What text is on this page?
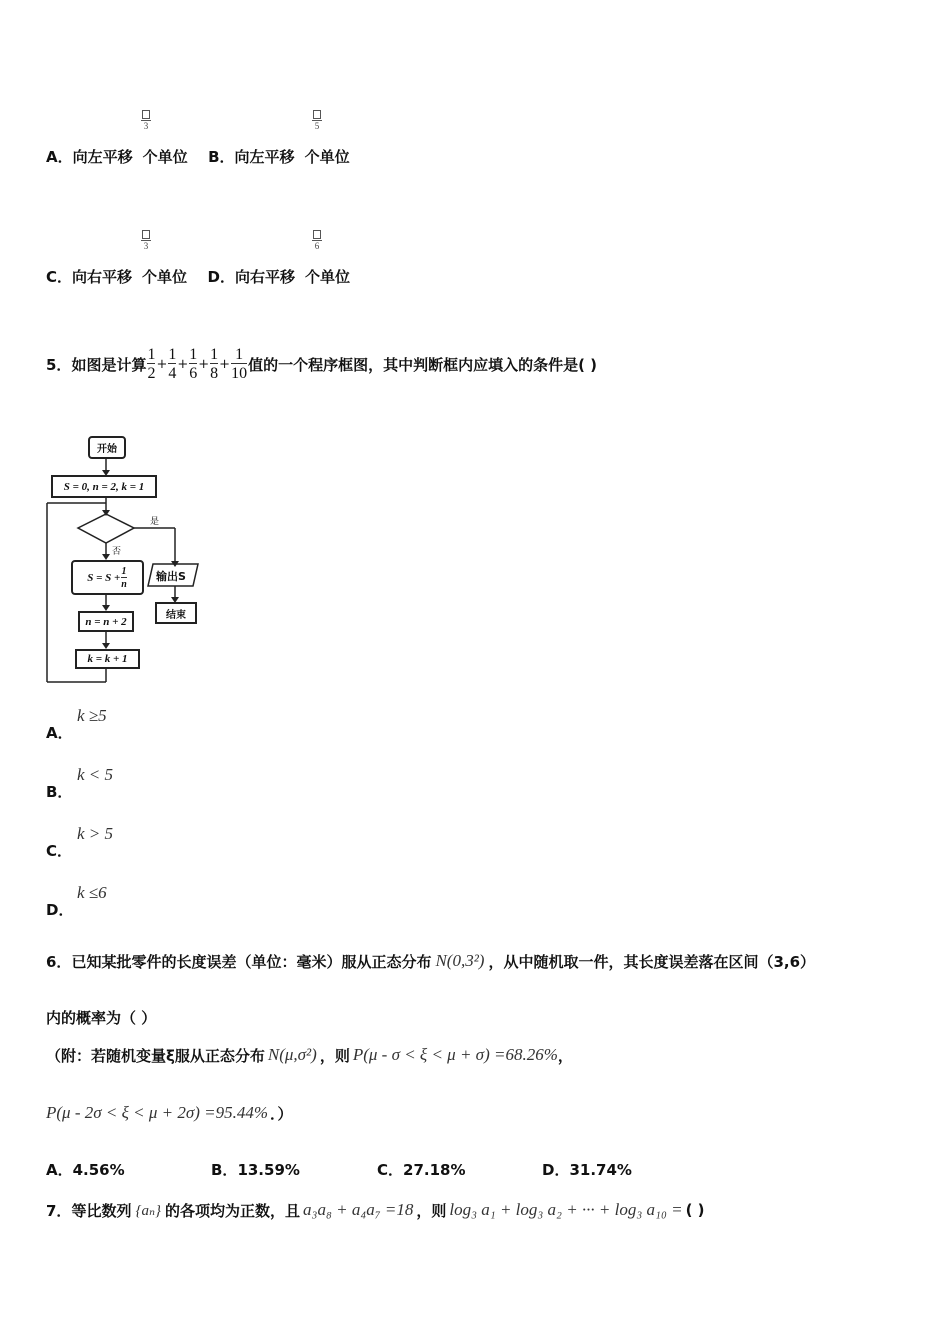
3	5
A．向左平移 个单位 B．向左平移 个单位
3	6
C．向右平移 个单位 D．向右平移 个单位
5． 如图是计算 $\frac{1}{2} + \frac{1}{4} + \frac{1}{6} + \frac{1}{8} + \frac{1}{10}$ 值的一个程序框图，其中判断框内应填入的条件是( )
开始
S = 0, n = 2, k = 1
是
否
$S = S + \frac{1}{n}$	输出S
结束
n = n + 2
k = k + 1
A．
k ≥5
B．
k < 5
C．
k > 5
D．
k ≤6
6． 已知某批零件的长度误差（单位：毫米）服从正态分布 N(0,3²) ，从中随机取一件，其长度误差落在区间（3,6）
内的概率为（ ）
（附：若随机变量ξ服从正态分布 N(μ,σ²) ，则 P(μ - σ < ξ < μ + σ) =68.26% ，
P(μ - 2σ < ξ < μ + 2σ) =95.44% ．）
A．4.56%	B．13.59%	C．27.18%	D．31.74%
7． 等比数列 {aₙ} 的各项均为正数，且 a₃a₈ + a₄a₇ =18 ，则 log₃ a₁ + log₃ a₂ + ··· + log₃ a₁₀ = ( )
